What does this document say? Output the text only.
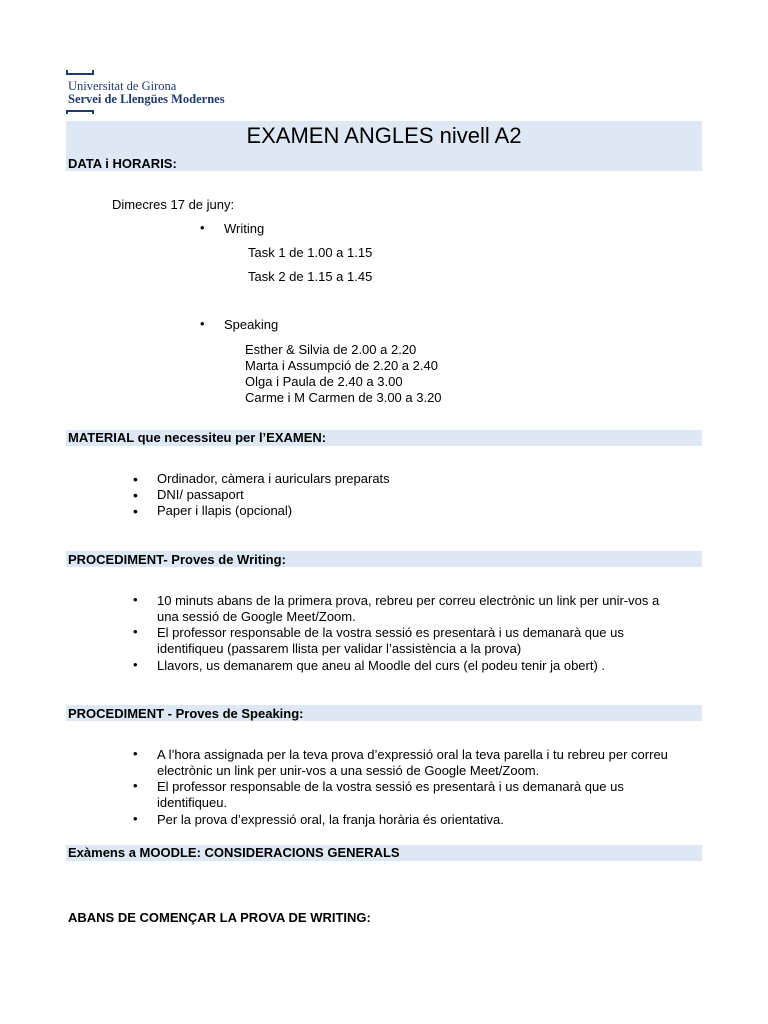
Universitat de Girona
Servei de Llengües Modernes
EXAMEN ANGLES nivell A2
DATA i HORARIS:
Dimecres 17 de juny:
• Writing
Task 1 de 1.00 a 1.15
Task 2 de 1.15 a 1.45
• Speaking
Esther & Silvia de 2.00 a 2.20
Marta i Assumpció de 2.20 a 2.40
Olga i Paula de 2.40 a 3.00
Carme i M Carmen de 3.00 a 3.20
MATERIAL que necessiteu per l’EXAMEN:
• Ordinador, càmera i auriculars preparats
• DNI/ passaport
• Paper i llapis (opcional)
PROCEDIMENT- Proves de Writing:
• 10 minuts abans de la primera prova, rebreu per correu electrònic un link per unir-vos a
una sessió de Google Meet/Zoom.
• El professor responsable de la vostra sessió es presentarà i us demanarà que us
identifiqueu (passarem llista per validar l’assistència a la prova)
• Llavors, us demanarem que aneu al Moodle del curs (el podeu tenir ja obert) .
PROCEDIMENT - Proves de Speaking:
• A l’hora assignada per la teva prova d’expressió oral la teva parella i tu rebreu per correu
electrònic un link per unir-vos a una sessió de Google Meet/Zoom.
• El professor responsable de la vostra sessió es presentarà i us demanarà que us
identifiqueu.
• Per la prova d’expressió oral, la franja horària és orientativa.
Exàmens a MOODLE: CONSIDERACIONS GENERALS
ABANS DE COMENÇAR LA PROVA DE WRITING:
